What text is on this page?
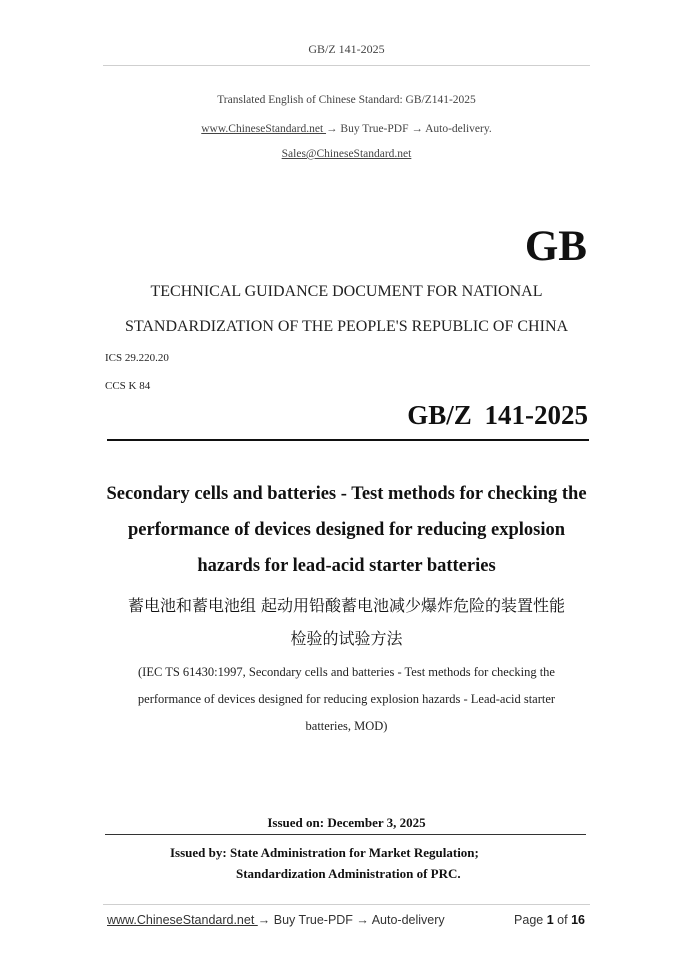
GB/Z 141-2025
Translated English of Chinese Standard: GB/Z141-2025
www.ChineseStandard.net → Buy True-PDF → Auto-delivery.
Sales@ChineseStandard.net
GB
TECHNICAL GUIDANCE DOCUMENT FOR NATIONAL
STANDARDIZATION OF THE PEOPLE'S REPUBLIC OF CHINA
ICS 29.220.20
CCS K 84
GB/Z 141-2025
Secondary cells and batteries - Test methods for checking the
performance of devices designed for reducing explosion
hazards for lead-acid starter batteries
蓄电池和蓄电池组 起动用铅酸蓄电池减少爆炸危险的装置性能
检验的试验方法
(IEC TS 61430:1997, Secondary cells and batteries - Test methods for checking the
performance of devices designed for reducing explosion hazards - Lead-acid starter
batteries, MOD)
Issued on: December 3, 2025
Issued by: State Administration for Market Regulation;
Standardization Administration of PRC.
www.ChineseStandard.net → Buy True-PDF → Auto-delivery	Page 1 of 16
